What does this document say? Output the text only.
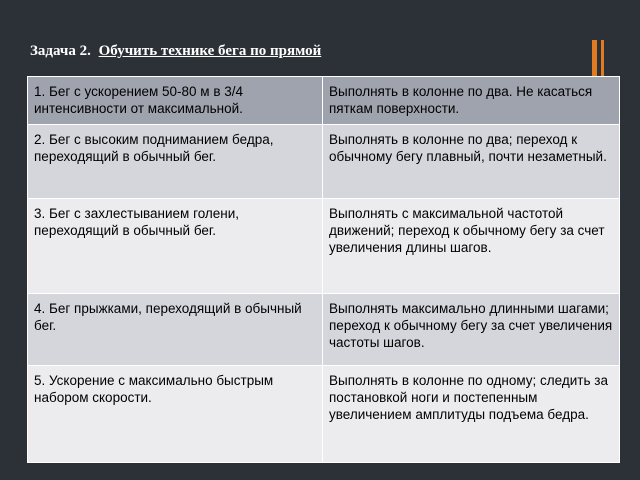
Задача 2. Обучить технике бега по прямой
1. Бег с ускорением 50-80 м в 3/4 интенсивности от максимальной.	Выполнять в колонне по два. Не касаться пяткам поверхности.
2. Бег с высоким подниманием бедра, переходящий в обычный бег.	Выполнять в колонне по два; переход к обычному бегу плавный, почти незаметный.
3. Бег с захлестыванием голени, переходящий в обычный бег.	Выполнять с максимальной частотой движений; переход к обычному бегу за счет увеличения длины шагов.
4. Бег прыжками, переходящий в обычный бег.	Выполнять максимально длинными шагами; переход к обычному бегу за счет увеличения частоты шагов.
5. Ускорение с максимально быстрым набором скорости.	Выполнять в колонне по одному; следить за постановкой ноги и постепенным увеличением амплитуды подъема бедра.
